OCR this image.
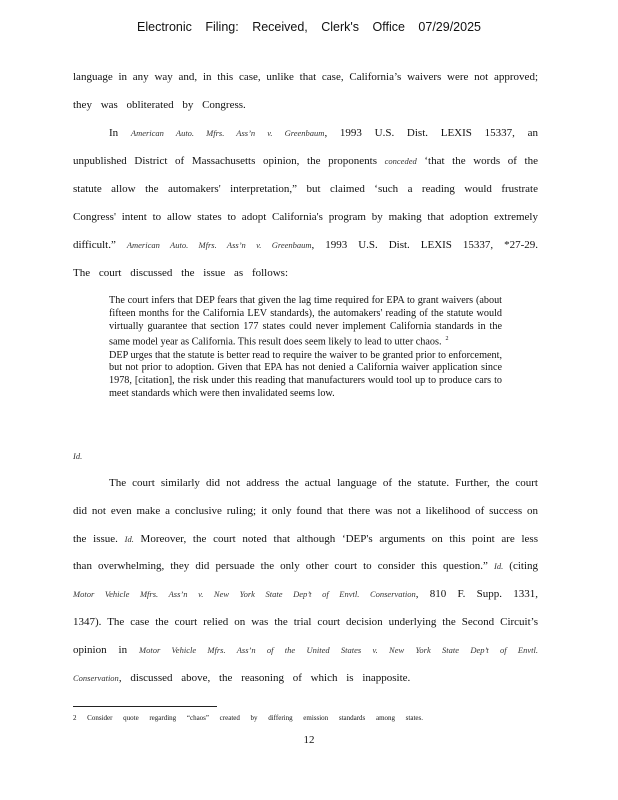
Electronic Filing: Received, Clerk's Office 07/29/2025
language in any way and, in this case, unlike that case, California’s waivers were not approved;
they was obliterated by Congress.
In American Auto. Mfrs. Ass’n v. Greenbaum, 1993 U.S. Dist. LEXIS 15337, an
unpublished District of Massachusetts opinion, the proponents conceded ‘that the words of the
statute allow the automakers' interpretation,” but claimed ‘such a reading would frustrate
Congress' intent to allow states to adopt California's program by making that adoption extremely
difficult.” American Auto. Mfrs. Ass’n v. Greenbaum, 1993 U.S. Dist. LEXIS 15337, *27-29.
The court discussed the issue as follows:

The court infers that DEP fears that given the lag time required for EPA to grant waivers (about fifteen months for the California LEV standards), the automakers' reading of the statute would virtually guarantee that section 177 states could never implement California standards in the same model year as California. This result does seem likely to lead to utter chaos. $^2$

DEP urges that the statute is better read to require the waiver to be granted prior to enforcement, but not prior to adoption. Given that EPA has not denied a California waiver application since 1978, [citation], the risk under this reading that manufacturers would tool up to produce cars to meet standards which were then invalidated seems low.

Id.
The court similarly did not address the actual language of the statute. Further, the court
did not even make a conclusive ruling; it only found that there was not a likelihood of success on
the issue. Id. Moreover, the court noted that although ‘DEP's arguments on this point are less
than overwhelming, they did persuade the only other court to consider this question.” Id. (citing
Motor Vehicle Mfrs. Ass’n v. New York State Dep’t of Envtl. Conservation, 810 F. Supp. 1331,
1347). The case the court relied on was the trial court decision underlying the Second Circuit’s
opinion in Motor Vehicle Mfrs. Ass’n of the United States v. New York State Dep’t of Envtl.
Conservation, discussed above, the reasoning of which is inapposite.
2 Consider quote regarding “chaos” created by differing emission standards among states.
12
